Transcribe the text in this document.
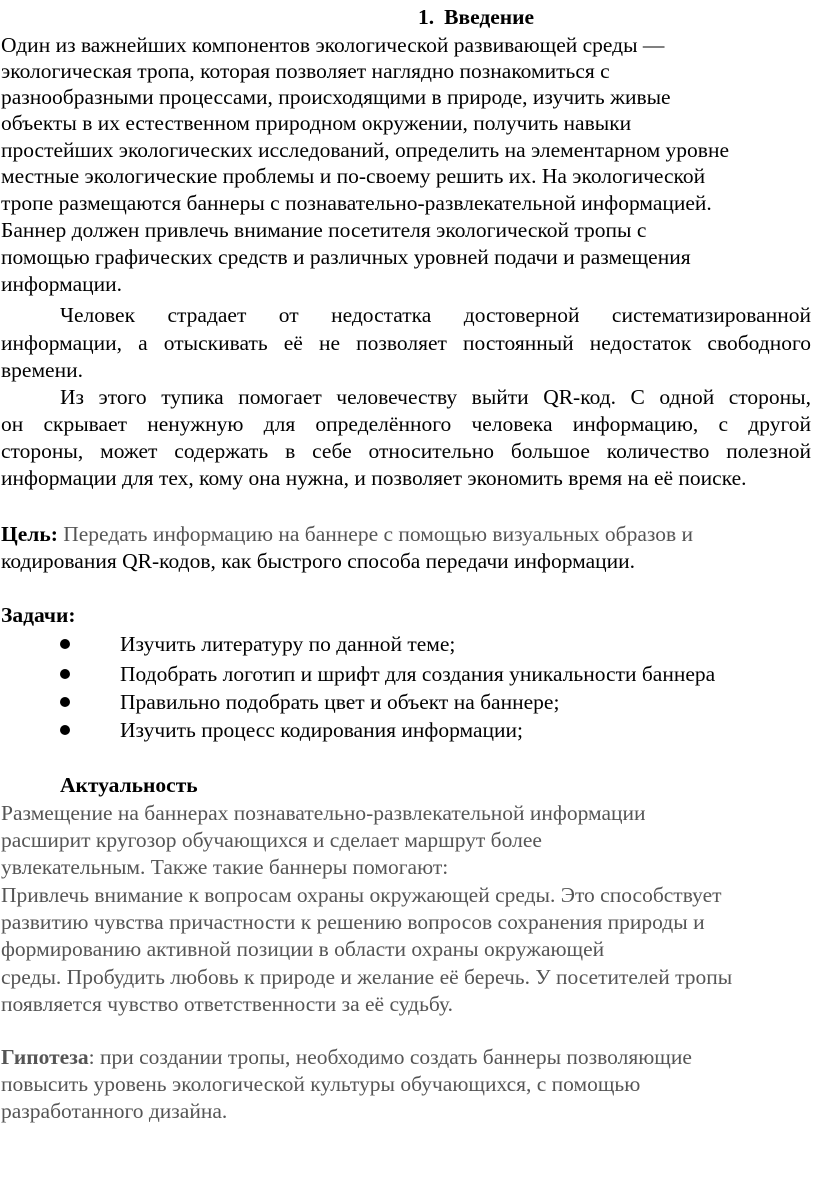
1. Введение
Один из важнейших компонентов экологической развивающей среды ―
экологическая тропа, которая позволяет наглядно познакомиться с
разнообразными процессами, происходящими в природе, изучить живые
объекты в их естественном природном окружении, получить навыки
простейших экологических исследований, определить на элементарном уровне
местные экологические проблемы и по-своему решить их. На экологической
тропе размещаются баннеры с познавательно-развлекательной информацией.
Баннер должен привлечь внимание посетителя экологической тропы с
помощью графических средств и различных уровней подачи и размещения
информации.
Человек страдает от недостатка достоверной систематизированной
информации, а отыскивать её не позволяет постоянный недостаток свободного
времени.
Из этого тупика помогает человечеству выйти QR-код. С одной стороны,
он скрывает ненужную для определённого человека информацию, с другой
стороны, может содержать в себе относительно большое количество полезной
информации для тех, кому она нужна, и позволяет экономить время на её поиске.
Цель: Передать информацию на баннере с помощью визуальных образов и
кодирования QR-кодов, как быстрого способа передачи информации.
Задачи:
Изучить литературу по данной теме;
Подобрать логотип и шрифт для создания уникальности баннера
Правильно подобрать цвет и объект на баннере;
Изучить процесс кодирования информации;
Актуальность
Размещение на баннерах познавательно-развлекательной информации
расширит кругозор обучающихся и сделает маршрут более
увлекательным. Также такие баннеры помогают:
Привлечь внимание к вопросам охраны окружающей среды. Это способствует
развитию чувства причастности к решению вопросов сохранения природы и
формированию активной позиции в области охраны окружающей
среды. Пробудить любовь к природе и желание её беречь. У посетителей тропы
появляется чувство ответственности за её судьбу.
Гипотеза: при создании тропы, необходимо создать баннеры позволяющие
повысить уровень экологической культуры обучающихся, с помощью
разработанного дизайна.
